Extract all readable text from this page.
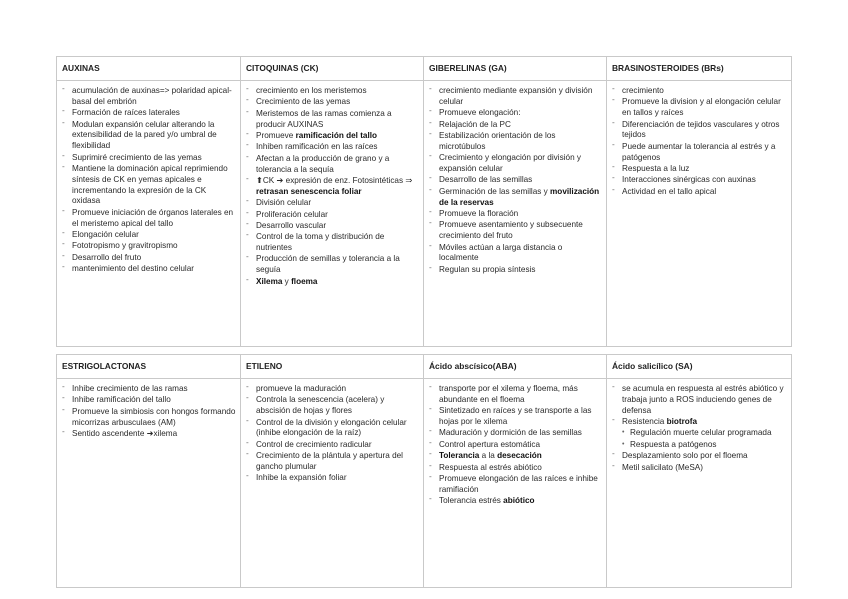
AUXINAS
- acumulación de auxinas=> polaridad apical-basal del embrión
- Formación de raíces laterales
- Modulan expansión celular alterando la extensibilidad de la pared y/o umbral de flexibilidad
- Suprimiré crecimiento de las yemas
- Mantiene la dominación apical reprimiendo síntesis de CK en yemas apicales e incrementando la expresión de la CK oxidasa
- Promueve iniciación de órganos laterales en el meristemo apical del tallo
- Elongación celular
- Fototropismo y gravitropismo
- Desarrollo del fruto
- mantenimiento del destino celular
CITOQUINAS (CK)
- crecimiento en los meristemos
- Crecimiento de las yemas
- Meristemos de las ramas comienza a producir AUXINAS
- Promueve ramificación del tallo
- Inhiben ramificación en las raíces
- Afectan a la producción de grano y a tolerancia a la sequía
- ⬆CK ➔ expresión de enz. Fotosintéticas ⇒ retrasan senescencia foliar
- División celular
- Proliferación celular
- Desarrollo vascular
- Control de la toma y distribución de nutrientes
- Producción de semillas y tolerancia a la seguía
- Xilema y floema
GIBERELINAS (GA)
- crecimiento mediante expansión y división celular
- Promueve elongación:
- Relajación de la PC
- Estabilización orientación de los microtúbulos
- Crecimiento y elongación por división y expansión celular
- Desarrollo de las semillas
- Germinación de las semillas y movilización de la reservas
- Promueve la floración
- Promueve asentamiento y subsecuente crecimiento del fruto
- Móviles actúan a larga distancia o localmente
- Regulan su propia síntesis
BRASINOSTEROIDES (BRs)
- crecimiento
- Promueve la division y al elongación celular en tallos y raíces
- Diferenciación de tejidos vasculares y otros tejidos
- Puede aumentar la tolerancia al estrés y a patógenos
- Respuesta a la luz
- Interacciones sinérgicas con auxinas
- Actividad en el tallo apical
ESTRIGOLACTONAS
- Inhibe crecimiento de las ramas
- Inhibe ramificación del tallo
- Promueve la simbiosis con hongos formando micorrizas arbusculaes (AM)
- Sentido ascendente ➜xilema
ETILENO
- promueve la maduración
- Controla la senescencia (acelera) y abscisión de hojas y flores
- Control de la división y elongación celular (inhibe elongación de la raíz)
- Control de crecimiento radicular
- Crecimiento de la plántula y apertura del gancho plumular
- Inhibe la expansión foliar
Ácido abscísico(ABA)
- transporte por el xilema y floema, más abundante en el floema
- Sintetizado en raíces y se transporte a las hojas por le xilema
- Maduración y dormición de las semillas
- Control apertura estomática
- Tolerancia a la desecación
- Respuesta al estrés abiótico
- Promueve elongación de las raíces e inhibe ramifiación
- Tolerancia estrés abiótico
Ácido salicílico (SA)
- se acumula en respuesta al estrés abiótico y trabaja junto a ROS induciendo genes de defensa
- Resistencia biotrofa
• Regulación muerte celular programada
• Respuesta a patógenos
- Desplazamiento solo por el floema
- Metil salicilato (MeSA)
